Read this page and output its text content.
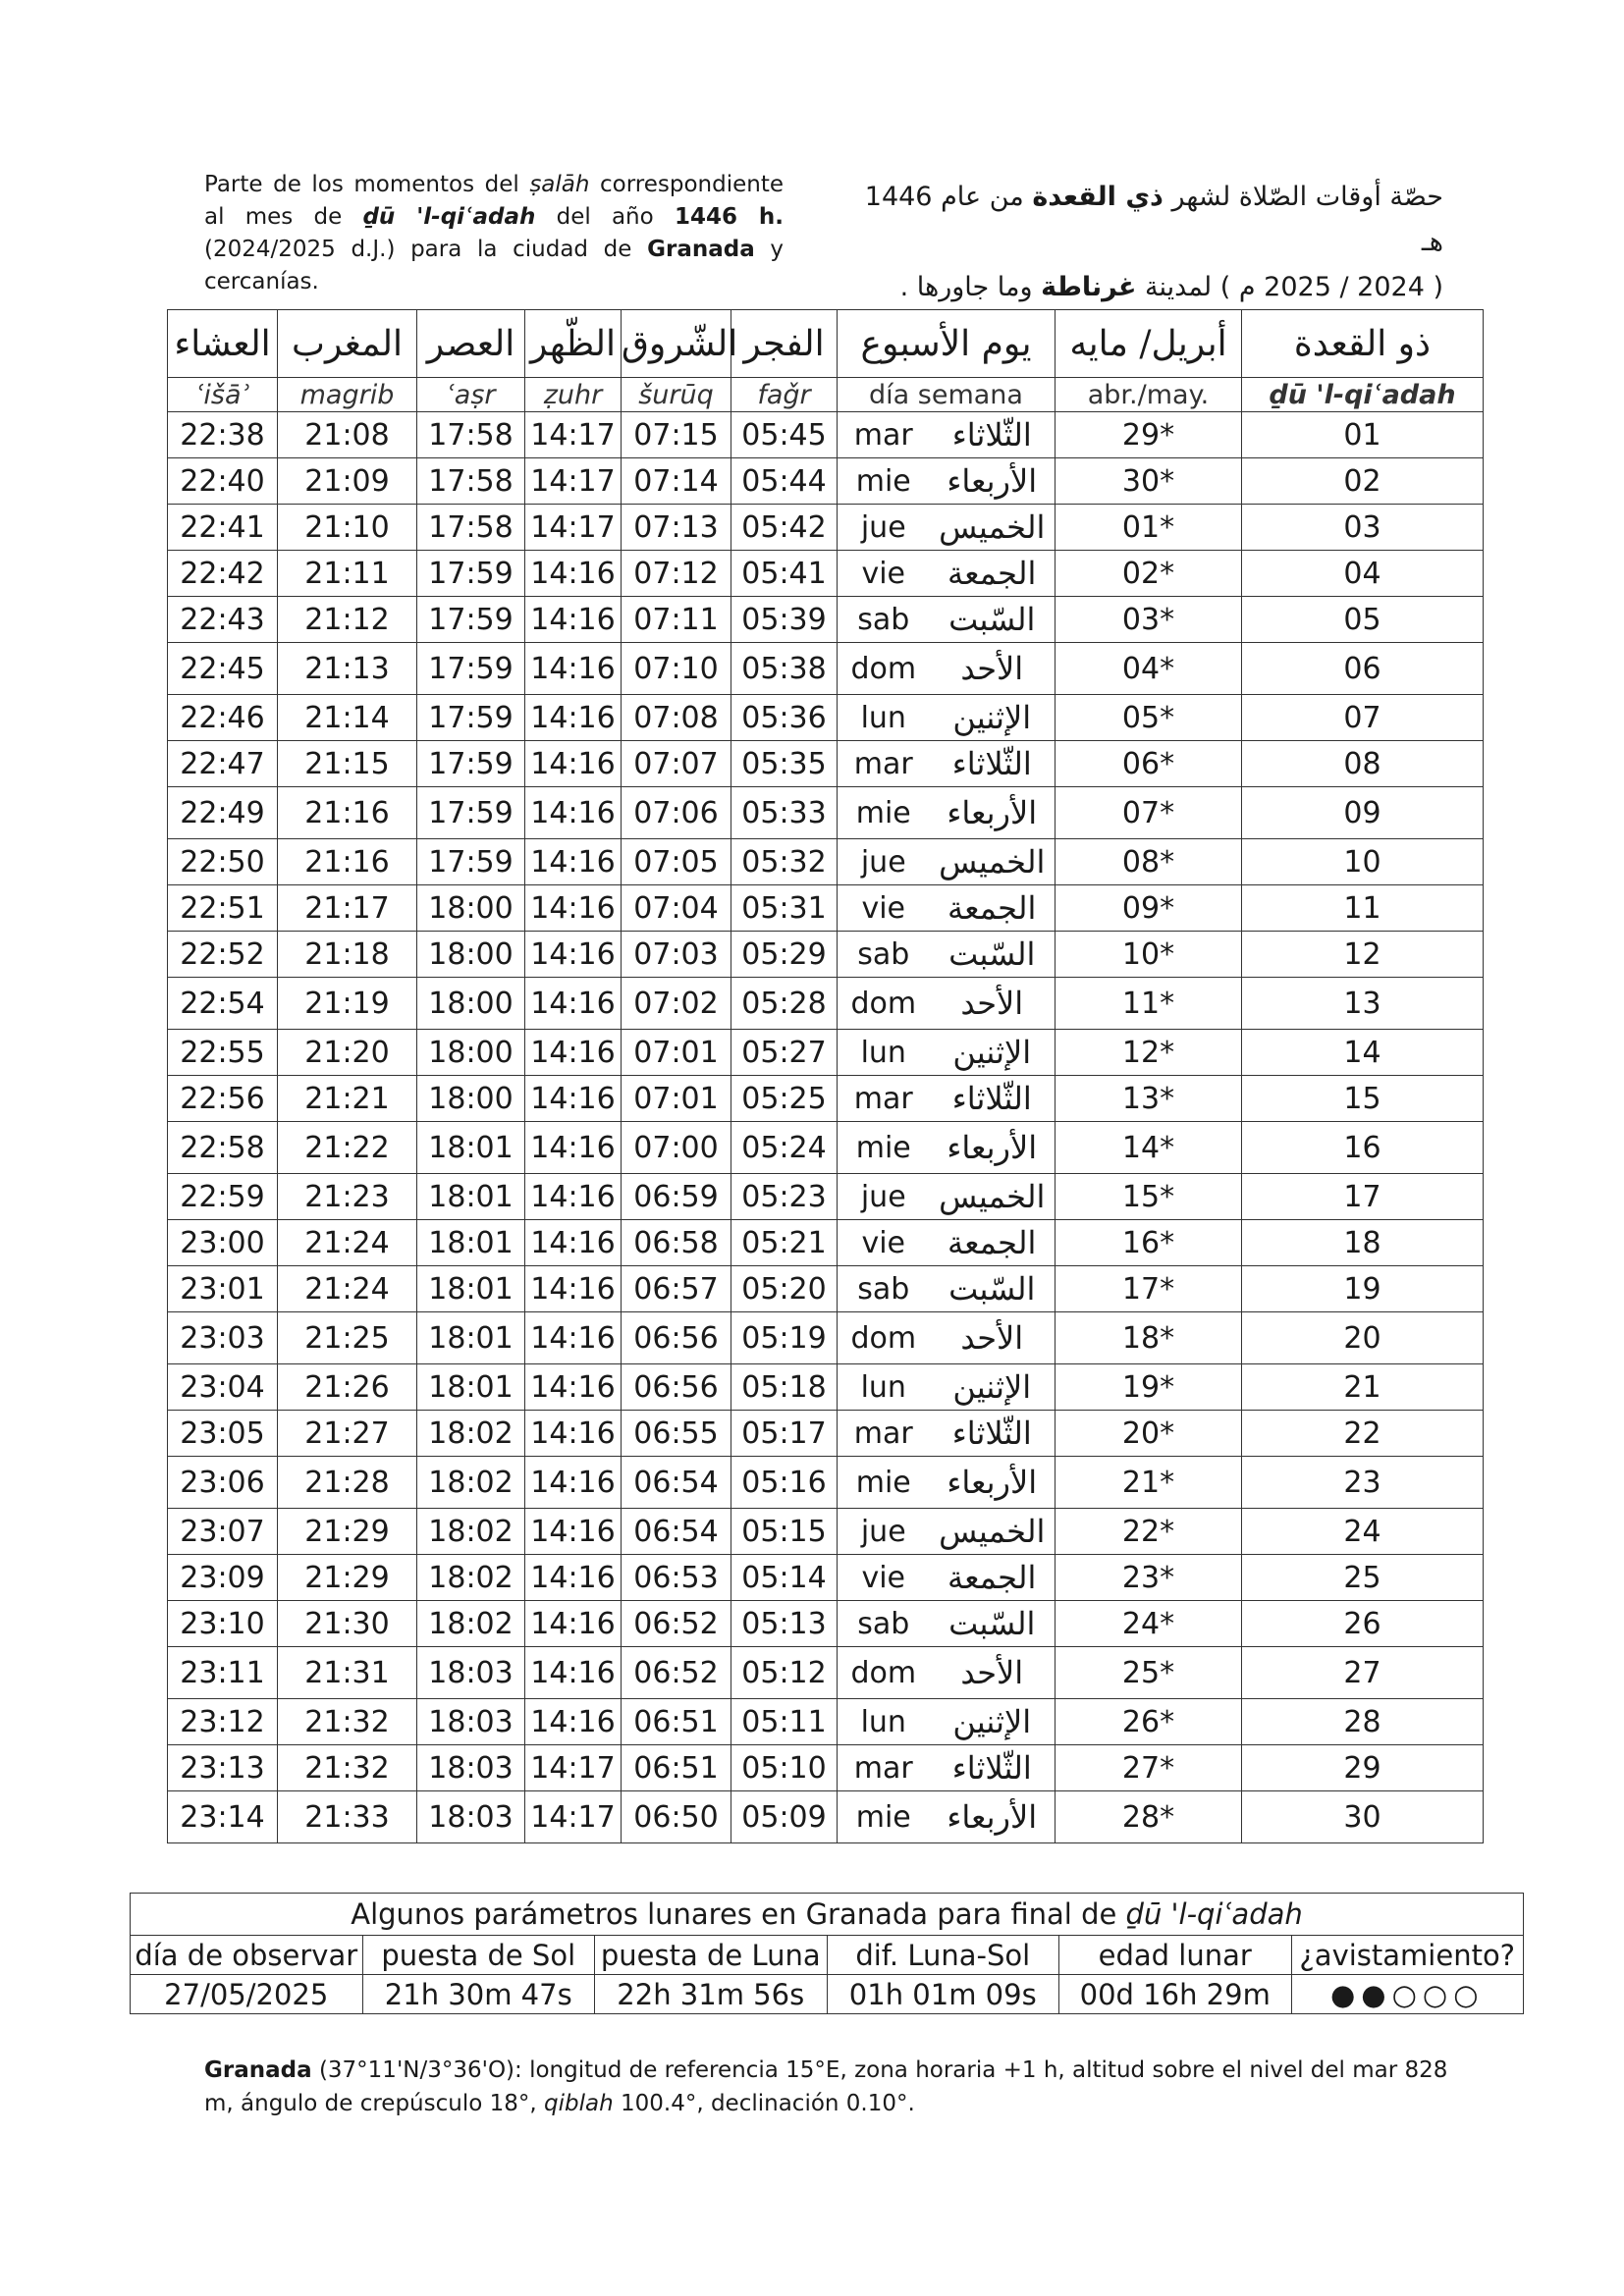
Parte de los momentos del ṣalāh correspondiente al mes de ḏū 'l-qiʿadah del año 1446 h. (2024/2025 d.J.) para la ciudad de Granada y cercanías.
حصّة أوقات الصّلاة لشهر ذي القعدة من عام 1446 هـ
( 2024 / 2025 م ) لمدينة غرناطة وما جاورها .
العشاء	المغرب	العصر	الظّهر	الشّروق	الفجر	يوم الأسبوع		أبريل/ مايه	ذو القعدة
ʿišāʾ	magrib	ʿaṣr	ẓuhr	šurūq	faǧr	día semana		abr./may.	ḏū 'l-qiʿadah
22:38	21:08	17:58	14:17	07:15	05:45	mar	الثّلاثاء	29*	01
22:40	21:09	17:58	14:17	07:14	05:44	mie	الأربعاء	30*	02
22:41	21:10	17:58	14:17	07:13	05:42	jue	الخميس	01*	03
22:42	21:11	17:59	14:16	07:12	05:41	vie	الجمعة	02*	04
22:43	21:12	17:59	14:16	07:11	05:39	sab	السّبت	03*	05
22:45	21:13	17:59	14:16	07:10	05:38	dom	الأحد	04*	06
22:46	21:14	17:59	14:16	07:08	05:36	lun	الإثنين	05*	07
22:47	21:15	17:59	14:16	07:07	05:35	mar	الثّلاثاء	06*	08
22:49	21:16	17:59	14:16	07:06	05:33	mie	الأربعاء	07*	09
22:50	21:16	17:59	14:16	07:05	05:32	jue	الخميس	08*	10
22:51	21:17	18:00	14:16	07:04	05:31	vie	الجمعة	09*	11
22:52	21:18	18:00	14:16	07:03	05:29	sab	السّبت	10*	12
22:54	21:19	18:00	14:16	07:02	05:28	dom	الأحد	11*	13
22:55	21:20	18:00	14:16	07:01	05:27	lun	الإثنين	12*	14
22:56	21:21	18:00	14:16	07:01	05:25	mar	الثّلاثاء	13*	15
22:58	21:22	18:01	14:16	07:00	05:24	mie	الأربعاء	14*	16
22:59	21:23	18:01	14:16	06:59	05:23	jue	الخميس	15*	17
23:00	21:24	18:01	14:16	06:58	05:21	vie	الجمعة	16*	18
23:01	21:24	18:01	14:16	06:57	05:20	sab	السّبت	17*	19
23:03	21:25	18:01	14:16	06:56	05:19	dom	الأحد	18*	20
23:04	21:26	18:01	14:16	06:56	05:18	lun	الإثنين	19*	21
23:05	21:27	18:02	14:16	06:55	05:17	mar	الثّلاثاء	20*	22
23:06	21:28	18:02	14:16	06:54	05:16	mie	الأربعاء	21*	23
23:07	21:29	18:02	14:16	06:54	05:15	jue	الخميس	22*	24
23:09	21:29	18:02	14:16	06:53	05:14	vie	الجمعة	23*	25
23:10	21:30	18:02	14:16	06:52	05:13	sab	السّبت	24*	26
23:11	21:31	18:03	14:16	06:52	05:12	dom	الأحد	25*	27
23:12	21:32	18:03	14:16	06:51	05:11	lun	الإثنين	26*	28
23:13	21:32	18:03	14:17	06:51	05:10	mar	الثّلاثاء	27*	29
23:14	21:33	18:03	14:17	06:50	05:09	mie	الأربعاء	28*	30
Algunos parámetros lunares en Granada para final de ḏū 'l-qiʿadah					
día de observar	puesta de Sol	puesta de Luna	dif. Luna-Sol	edad lunar	¿avistamiento?
27/05/2025	21h 30m 47s	22h 31m 56s	01h 01m 09s	00d 16h 29m	●●○○○
Granada (37°11'N/3°36'O): longitud de referencia 15°E, zona horaria +1 h, altitud sobre el nivel del mar 828 m, ángulo de crepúsculo 18°, qiblah 100.4°, declinación 0.10°.
